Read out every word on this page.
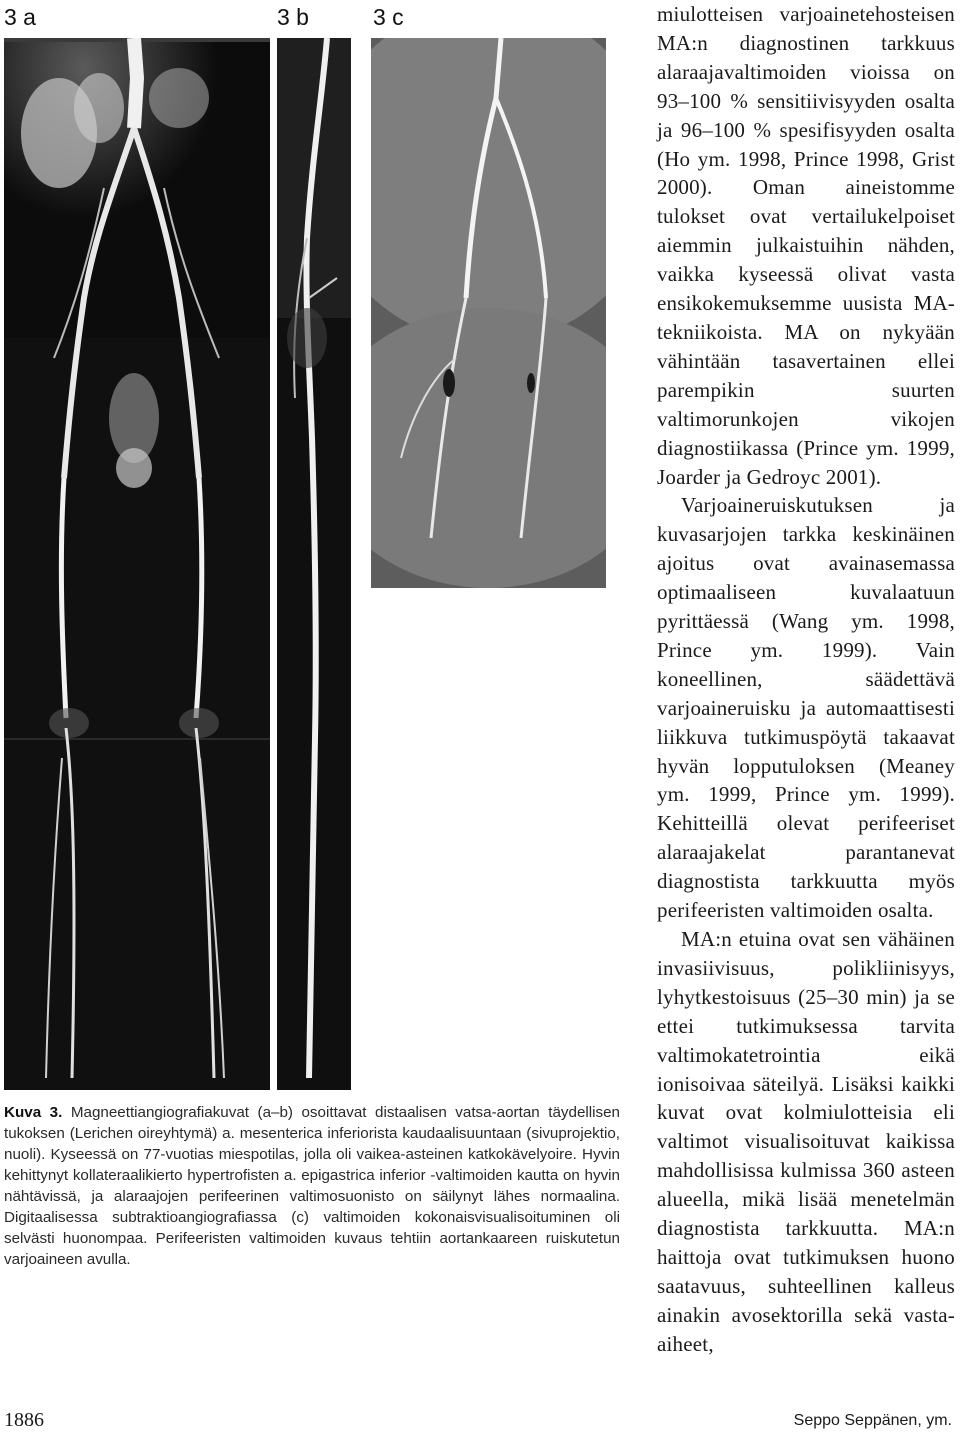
3 a	3 b	3 c

Kuva 3. Magneettiangiografiakuvat (a–b) osoittavat distaalisen vatsa-aortan täydellisen tukoksen (Lerichen oireyhtymä) a. mesenterica inferiorista kaudaalisuuntaan (sivuprojektio, nuoli). Kyseessä on 77-vuotias miespotilas, jolla oli vaikea-asteinen katkokävelyoire. Hyvin kehittynyt kollateraalikierto hypertrofisten a. epigastrica inferior -valtimoiden kautta on hyvin nähtävissä, ja alaraajojen perifeerinen valtimosuonisto on säilynyt lähes normaalina. Digitaalisessa subtraktioangiografiassa (c) valtimoiden kokonaisvisualisoituminen oli selvästi huonompaa. Perifeeristen valtimoiden kuvaus tehtiin aortankaareen ruiskutetun varjoaineen avulla.

miulotteisen varjoainetehosteisen MA:n diagnostinen tarkkuus alaraajavaltimoiden vioissa on 93–100 % sensitiivisyyden osalta ja 96–100 % spesifisyyden osalta (Ho ym. 1998, Prince 1998, Grist 2000). Oman aineistomme tulokset ovat vertailukelpoiset aiemmin julkaistuihin nähden, vaikka kyseessä olivat vasta ensikokemuksemme uusista MA-tekniikoista. MA on nykyään vähintään tasavertainen ellei parempikin suurten valtimorunkojen vikojen diagnostiikassa (Prince ym. 1999, Joarder ja Gedroyc 2001).

Varjoaineruiskutuksen ja kuvasarjojen tarkka keskinäinen ajoitus ovat avainasemassa optimaaliseen kuvalaatuun pyrittäessä (Wang ym. 1998, Prince ym. 1999). Vain koneellinen, säädettävä varjoaineruisku ja automaattisesti liikkuva tutkimuspöytä takaavat hyvän lopputuloksen (Meaney ym. 1999, Prince ym. 1999). Kehitteillä olevat perifeeriset alaraajakelat parantanevat diagnostista tarkkuutta myös perifeeristen valtimoiden osalta.

MA:n etuina ovat sen vähäinen invasiivisuus, polikliinisyys, lyhytkestoisuus (25–30 min) ja se ettei tutkimuksessa tarvita valtimokatetrointia eikä ionisoivaa säteilyä. Lisäksi kaikki kuvat ovat kolmiulotteisia eli valtimot visualisoituvat kaikissa mahdollisissa kulmissa 360 asteen alueella, mikä lisää menetelmän diagnostista tarkkuutta. MA:n haittoja ovat tutkimuksen huono saatavuus, suhteellinen kalleus ainakin avosektorilla sekä vasta-aiheet,

1886	Seppo Seppänen, ym.
